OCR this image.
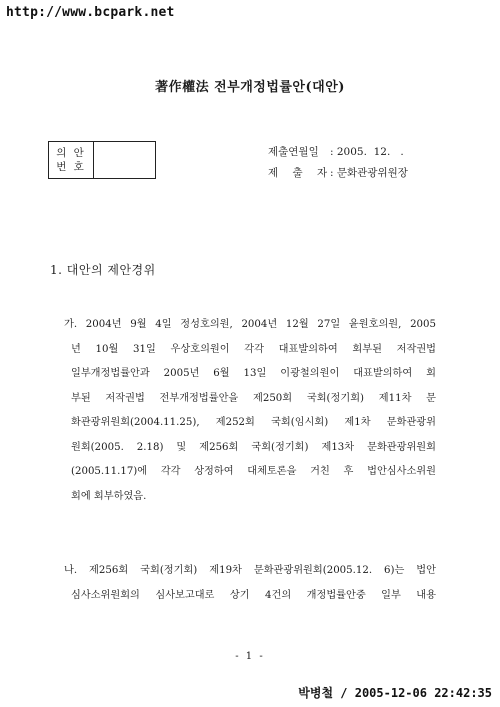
http://www.bcpark.net
著作權法 전부개정법률안(대안)
의 안
번 호
제출연월일	: 2005.  12.   .
제 출 자
: 문화관광위원장
1. 대안의 제안경위
가. 2004년 9월 4일 정성호의원, 2004년 12월 27일 윤원호의원, 2005
년 10월 31일 우상호의원이 각각 대표발의하여 회부된 저작권법
일부개정법률안과 2005년 6월 13일 이광철의원이 대표발의하여 회
부된 저작권법 전부개정법률안을 제250회 국회(정기회) 제11차 문
화관광위원회(2004.11.25), 제252회 국회(임시회) 제1차 문화관광위
원회(2005. 2.18) 및 제256회 국회(정기회) 제13차 문화관광위원회
(2005.11.17)에 각각 상정하여 대체토론을 거친 후 법안심사소위원
회에 회부하였음.
나. 제256회 국회(정기회) 제19차 문화관광위원회(2005.12. 6)는 법안
심사소위원회의 심사보고대로 상기 4건의 개정법률안중 일부 내용
- 1 -
박병철 / 2005-12-06 22:42:35
